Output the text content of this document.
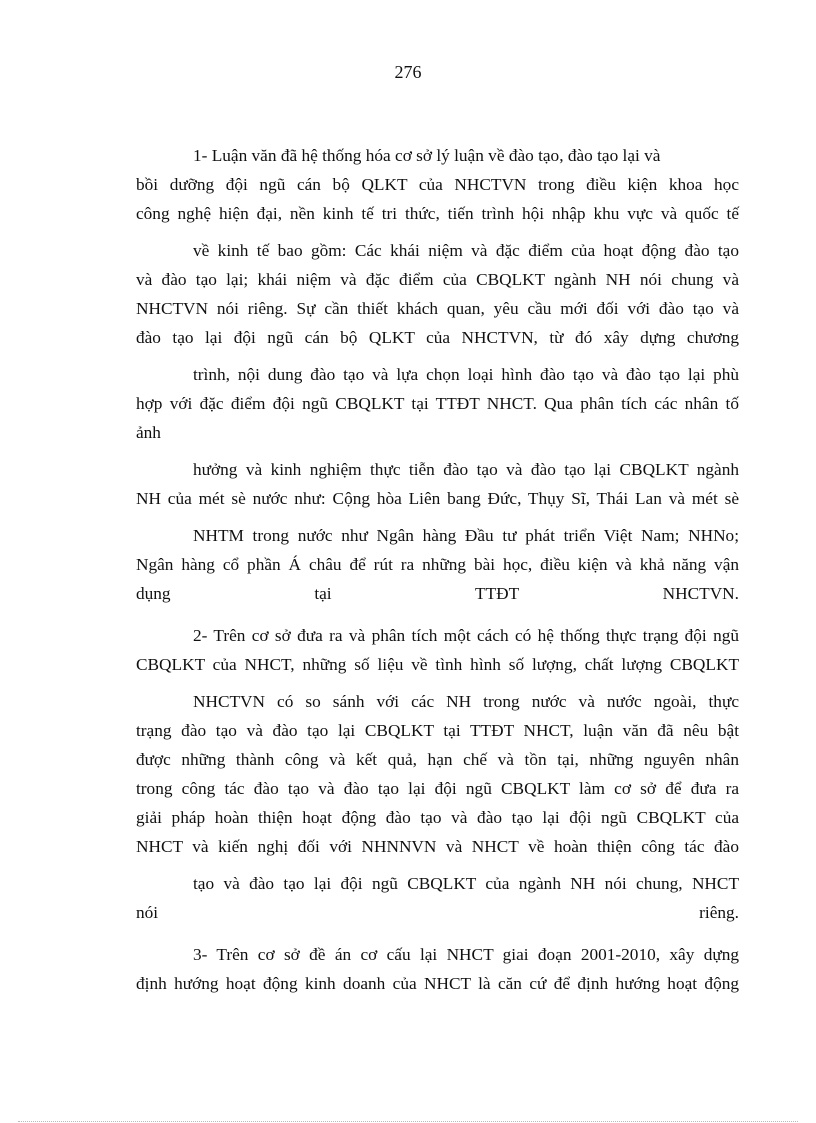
276
1- Luận văn đã hệ thống hóa cơ sở lý luận về đào tạo, đào tạo lại và
bồi dưỡng đội ngũ cán bộ QLKT của NHCTVN trong điều kiện khoa học
công nghệ hiện đại, nền kinh tế tri thức, tiến trình hội nhập khu vực và quốc tế
về kinh tế bao gồm: Các khái niệm và đặc điểm của hoạt động đào tạo
và đào tạo lại; khái niệm và đặc điểm của CBQLKT ngành NH nói chung và
NHCTVN nói riêng. Sự cần thiết khách quan, yêu cầu mới đối với đào tạo và
đào tạo lại đội ngũ cán bộ QLKT của NHCTVN, từ đó xây dựng chương
trình, nội dung đào tạo và lựa chọn loại hình đào tạo và đào tạo lại phù
hợp với đặc điểm đội ngũ CBQLKT tại TTĐT NHCT. Qua phân tích các nhân tố
ảnh
hưởng và kinh nghiệm thực tiễn đào tạo và đào tạo lại CBQLKT ngành
NH của mét sè nước như: Cộng hòa Liên bang Đức, Thụy Sĩ, Thái Lan và mét sè
NHTM trong nước như Ngân hàng Đầu tư phát triển Việt Nam; NHNo;
Ngân hàng cổ phần Á châu để rút ra những bài học, điều kiện và khả năng vận
dụng tại TTĐT NHCTVN.
2- Trên cơ sở đưa ra và phân tích một cách có hệ thống thực trạng đội ngũ
CBQLKT của NHCT, những số liệu về tình hình số lượng, chất lượng CBQLKT
NHCTVN có so sánh với các NH trong nước và nước ngoài, thực
trạng đào tạo và đào tạo lại CBQLKT tại TTĐT NHCT, luận văn đã nêu bật
được những thành công và kết quả, hạn chế và tồn tại, những nguyên nhân
trong công tác đào tạo và đào tạo lại đội ngũ CBQLKT làm cơ sở để đưa ra
giải pháp hoàn thiện hoạt động đào tạo và đào tạo lại đội ngũ CBQLKT của
NHCT và kiến nghị đối với NHNNVN và NHCT về hoàn thiện công tác đào
tạo và đào tạo lại đội ngũ CBQLKT của ngành NH nói chung, NHCT
nói riêng.
3- Trên cơ sở đề án cơ cấu lại NHCT giai đoạn 2001-2010, xây dựng
định hướng hoạt động kinh doanh của NHCT là căn cứ để định hướng hoạt động
